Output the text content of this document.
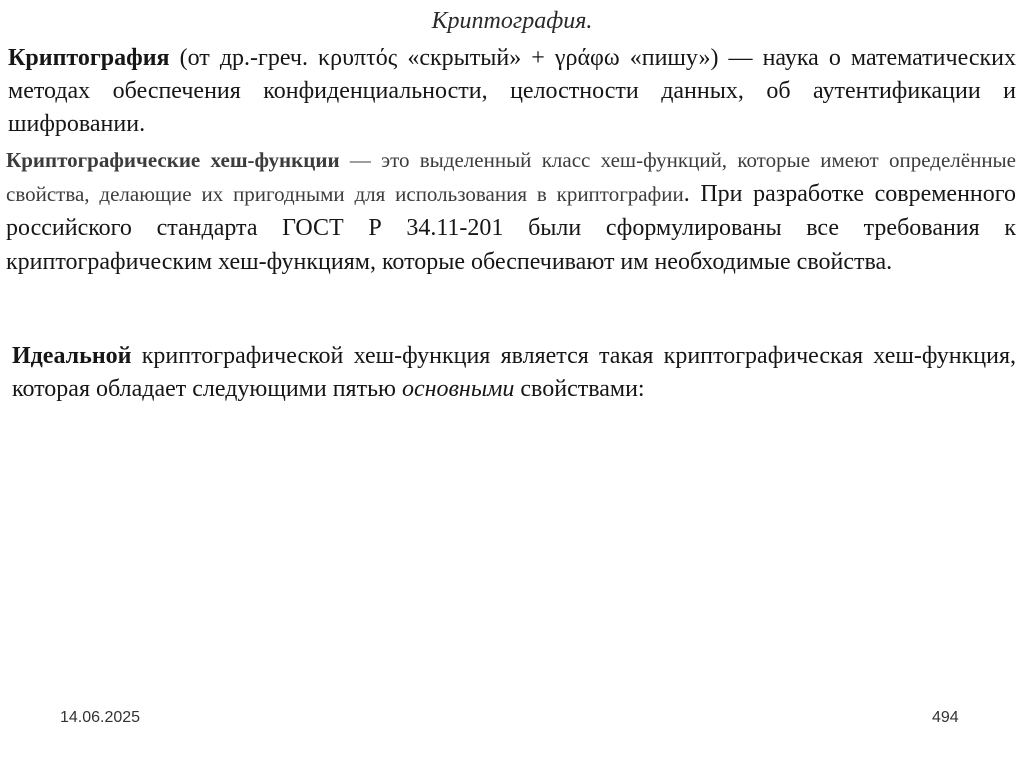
Криптография.
Криптография (от др.-греч. κρυπτός «скрытый» + γράφω «пишу») — наука о математических методах обеспечения конфиденциальности, целостности данных, об аутентификации и шифровании.
Криптографические хеш-функции — это выделенный класс хеш-функций, которые имеют определённые свойства, делающие их пригодными для использования в криптографии. При разработке современного российского стандарта ГОСТ Р 34.11-201 были сформулированы все требования к криптографическим хеш-функциям, которые обеспечивают им необходимые свойства.
Идеальной криптографической хеш-функция является такая криптографическая хеш-функция, которая обладает следующими пятью основными свойствами:
14.06.2025	494
